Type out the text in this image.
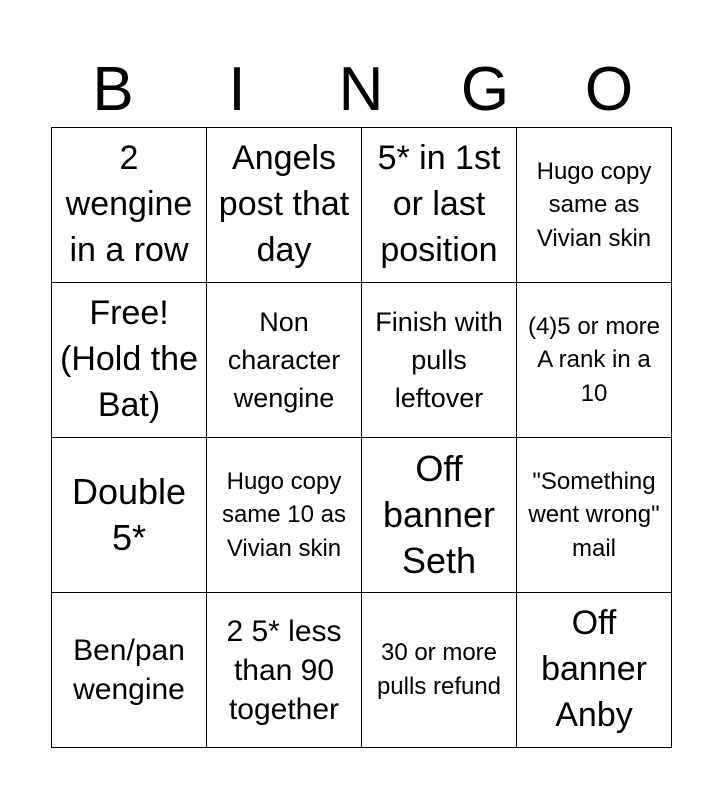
B	I	N	G	O
2 wengine in a row
Angels post that day
5* in 1st or last position
Hugo copy same as Vivian skin
Free! (Hold the Bat)
Non character wengine
Finish with pulls leftover
(4)5 or more A rank in a 10
Double 5*
Hugo copy same 10 as Vivian skin
Off banner Seth
"Something went wrong" mail
Ben/pan wengine
2 5* less than 90 together
30 or more pulls refund
Off banner Anby
